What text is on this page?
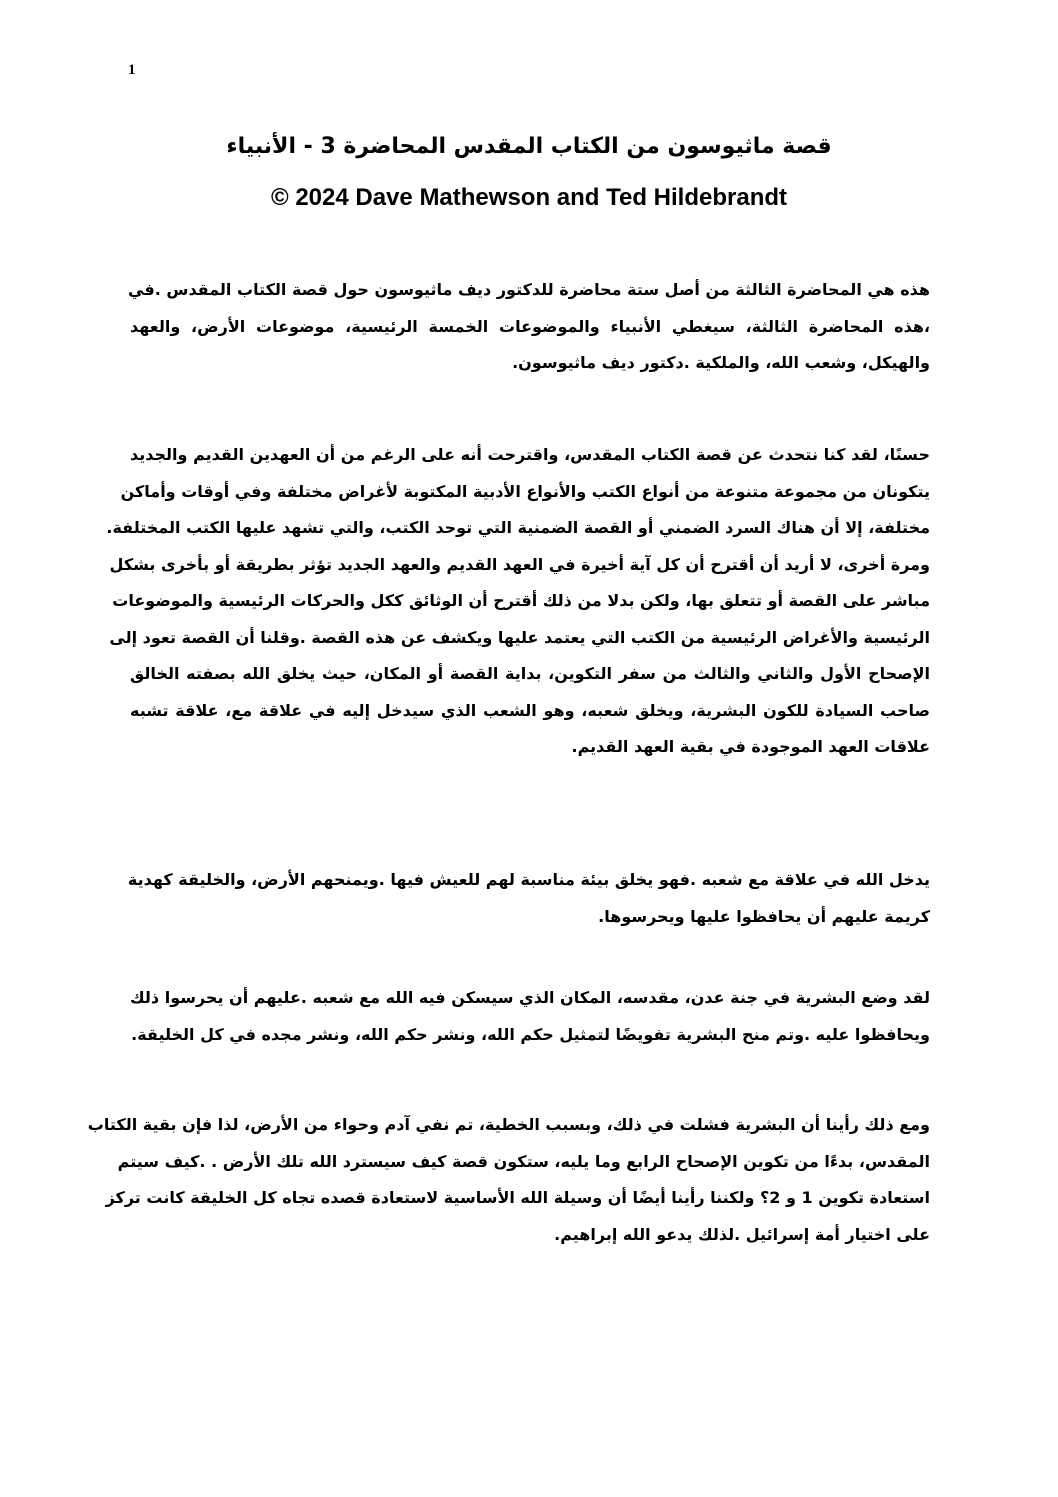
1
قصة ماثيوسون من الكتاب المقدس المحاضرة 3 - الأنبياء
© 2024 Dave Mathewson and Ted Hildebrandt
هذه هي المحاضرة الثالثة من أصل ستة محاضرة للدكتور ديف ماثيوسون حول قصة الكتاب المقدس .في
،هذه المحاضرة الثالثة، سيغطي الأنبياء والموضوعات الخمسة الرئيسية، موضوعات الأرض، والعهد
والهيكل، وشعب الله، والملكية .دكتور ديف ماثيوسون.
حسنًا، لقد كنا نتحدث عن قصة الكتاب المقدس، واقترحت أنه على الرغم من أن العهدين القديم والجديد
يتكونان من مجموعة متنوعة من أنواع الكتب والأنواع الأدبية المكتوبة لأغراض مختلفة وفي أوقات وأماكن
مختلفة، إلا أن هناك السرد الضمني أو القصة الضمنية التي توحد الكتب، والتي تشهد عليها الكتب المختلفة.
ومرة أخرى، لا أريد أن أقترح أن كل آية أخيرة في العهد القديم والعهد الجديد تؤثر بطريقة أو بأخرى بشكل
مباشر على القصة أو تتعلق بها، ولكن بدلا من ذلك أقترح أن الوثائق ككل والحركات الرئيسية والموضوعات
الرئيسية والأغراض الرئيسية من الكتب التي يعتمد عليها ويكشف عن هذه القصة .وقلنا أن القصة تعود إلى
الإصحاح الأول والثاني والثالث من سفر التكوين، بداية القصة أو المكان، حيث يخلق الله بصفته الخالق
صاحب السيادة للكون البشرية، ويخلق شعبه، وهو الشعب الذي سيدخل إليه في علاقة مع، علاقة تشبه
علاقات العهد الموجودة في بقية العهد القديم.
يدخل الله في علاقة مع شعبه .فهو يخلق بيئة مناسبة لهم للعيش فيها .ويمنحهم الأرض، والخليقة كهدية
كريمة عليهم أن يحافظوا عليها ويحرسوها.
لقد وضع البشرية في جنة عدن، مقدسه، المكان الذي سيسكن فيه الله مع شعبه .عليهم أن يحرسوا ذلك
ويحافظوا عليه .وتم منح البشرية تفويضًا لتمثيل حكم الله، ونشر حكم الله، ونشر مجده في كل الخليقة.
ومع ذلك رأينا أن البشرية فشلت في ذلك، وبسبب الخطية، تم نفي آدم وحواء من الأرض، لذا فإن بقية الكتاب
المقدس، بدءًا من تكوين الإصحاح الرابع وما يليه، ستكون قصة كيف سيسترد الله تلك الأرض . .كيف سيتم
استعادة تكوين 1 و 2؟ ولكننا رأينا أيضًا أن وسيلة الله الأساسية لاستعادة قصده تجاه كل الخليقة كانت تركز
على اختيار أمة إسرائيل .لذلك يدعو الله إبراهيم.
